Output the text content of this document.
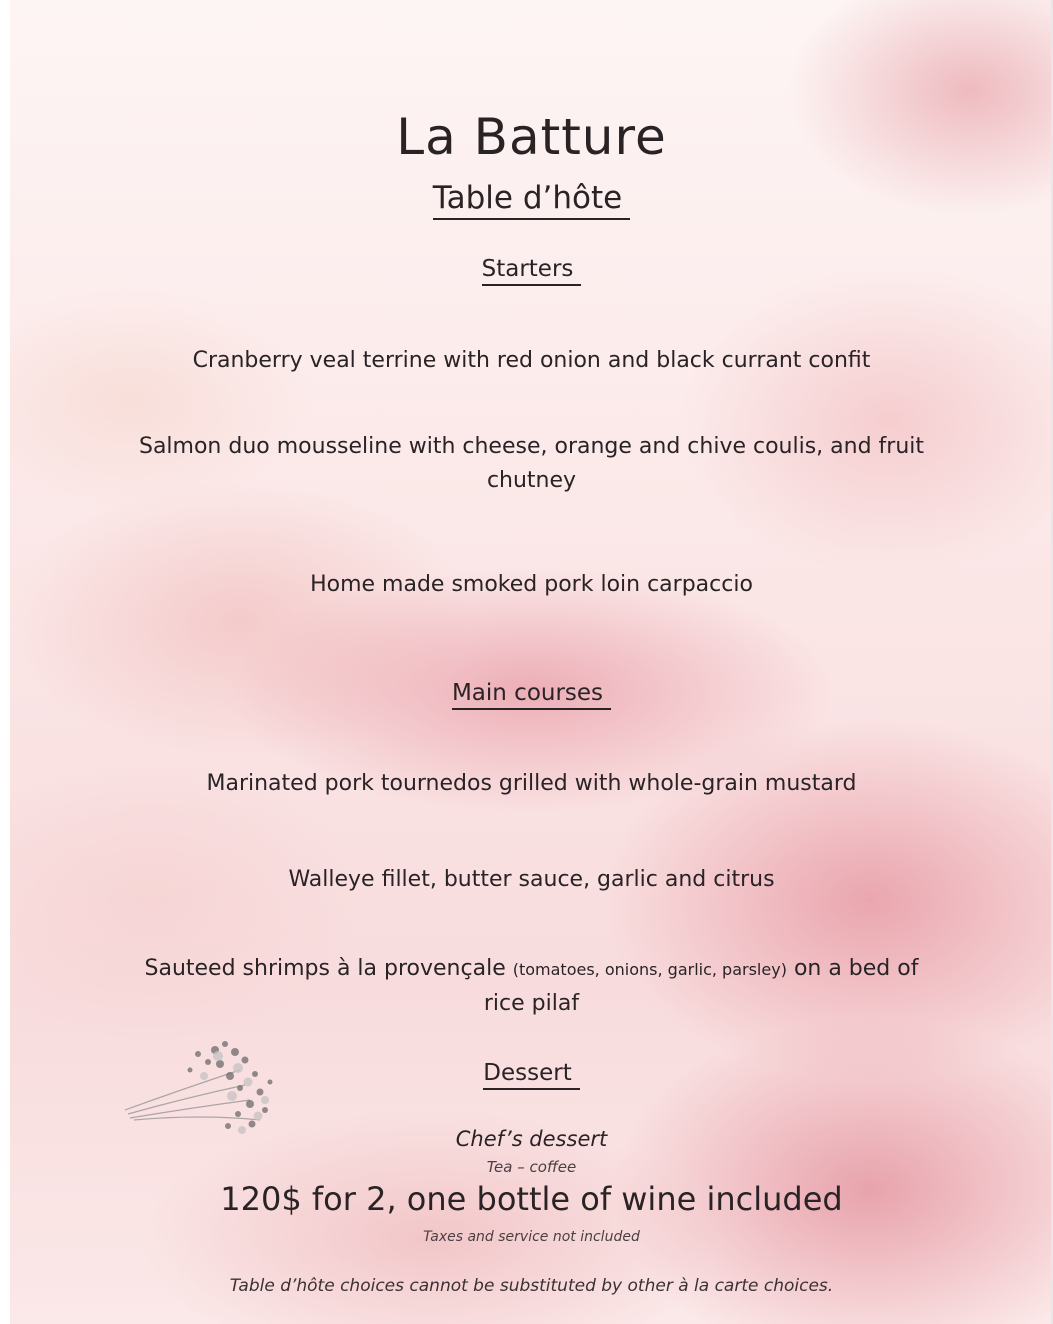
La Batture
Table d’hôte
Starters
Cranberry veal terrine with red onion and black currant confit
Salmon duo mousseline with cheese, orange and chive coulis, and fruit
chutney
Home made smoked pork loin carpaccio
Main courses
Marinated pork tournedos grilled with whole-grain mustard
Walleye fillet, butter sauce, garlic and citrus
Sauteed shrimps à la provençale (tomatoes, onions, garlic, parsley) on a bed of
rice pilaf
Dessert
Chef’s dessert
Tea – coffee
120$ for 2, one bottle of wine included
Taxes and service not included
Table d’hôte choices cannot be substituted by other à la carte choices.
